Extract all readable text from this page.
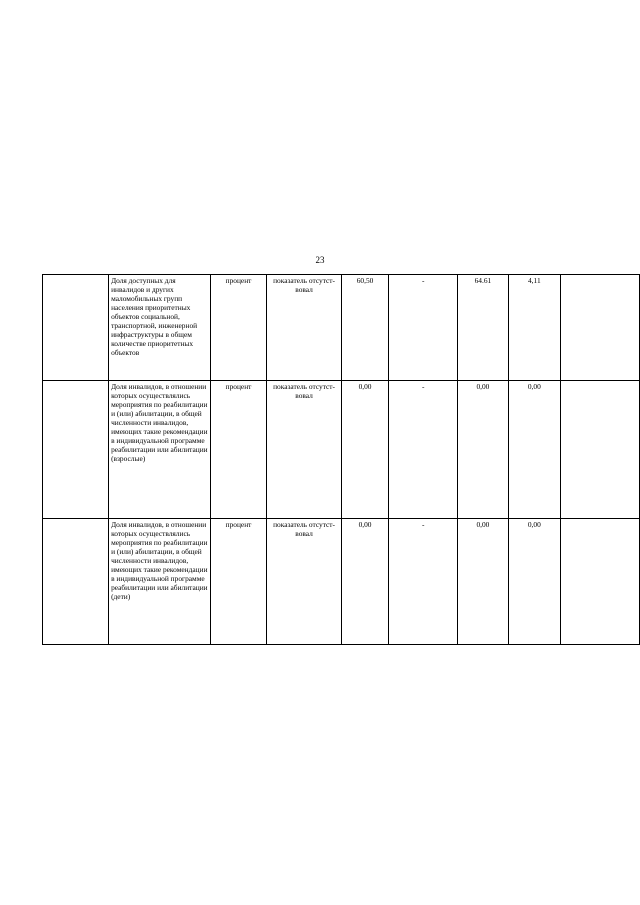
23
	Доля доступных для инвалидов и других маломобильных групп населения приоритетных объектов социальной, транспортной, инженерной инфраструктуры в общем количестве приоритетных объектов	процент	показатель отсутст-вовал	60,50	-	64.61	4,11	
	Доля инвалидов, в отношении которых осуществлялись мероприятия по реабилитации и (или) абилитации, в общей численности инвалидов, имеющих такие рекомендации в индивидуальной программе реабилитации или абилитации (взрослые)	процент	показатель отсутст-вовал	0,00	-	0,00	0,00	
	Доля инвалидов, в отношении которых осуществлялись мероприятия по реабилитации и (или) абилитации, в общей численности инвалидов, имеющих такие рекомендации в индивидуальной программе реабилитации или абилитации (дети)	процент	показатель отсутст-вовал	0,00	-	0,00	0,00	
